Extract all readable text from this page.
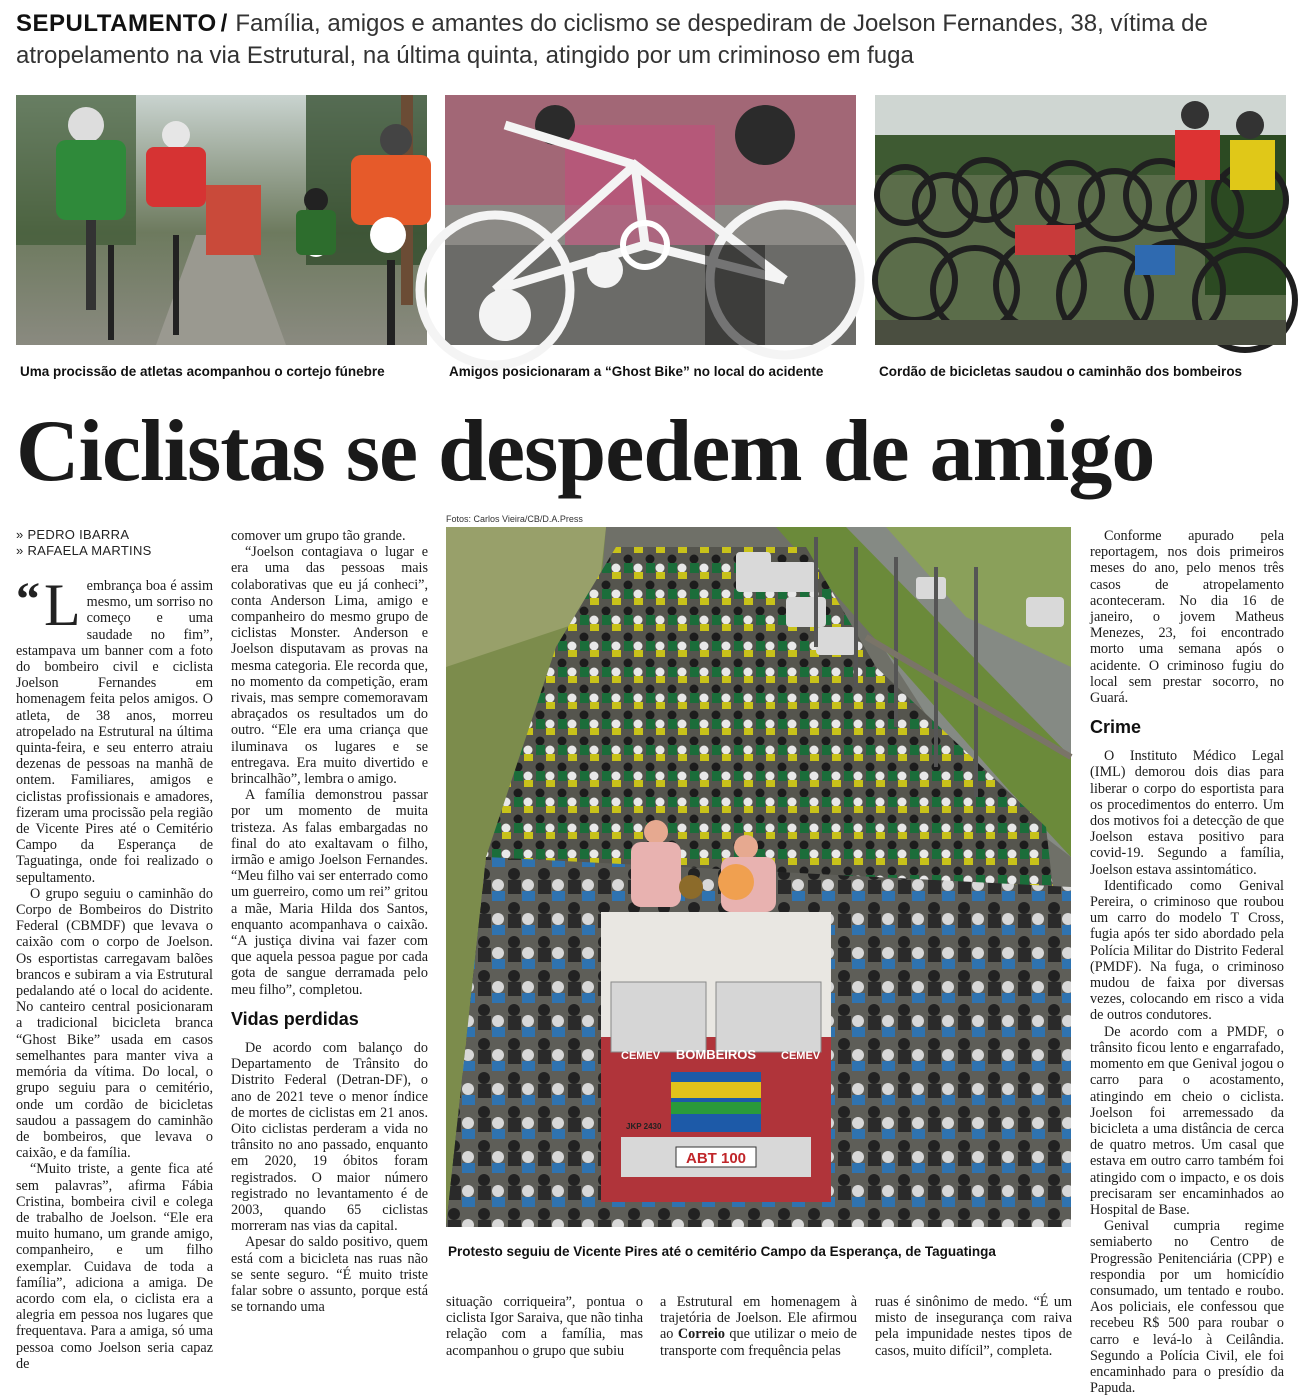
SEPULTAMENTO / Família, amigos e amantes do ciclismo se despediram de Joelson Fernandes, 38, vítima de atropelamento na via Estrutural, na última quinta, atingido por um criminoso em fuga
Uma procissão de atletas acompanhou o cortejo fúnebre	Amigos posicionaram a “Ghost Bike” no local do acidente	Cordão de bicicletas saudou o caminhão dos bombeiros
Ciclistas se despedem de amigo
» PEDRO IBARRA
» RAFAELA MARTINS

“ L embrança boa é assim mesmo, um sorriso no começo e uma saudade no fim”, estampava um banner com a foto do bombeiro civil e ciclista Joelson Fernandes em homenagem feita pelos amigos. O atleta, de 38 anos, morreu atropelado na Estrutural na última quinta-feira, e seu enterro atraiu dezenas de pessoas na manhã de ontem. Familiares, amigos e ciclistas profissionais e amadores, fizeram uma procissão pela região de Vicente Pires até o Cemitério Campo da Esperança de Taguatinga, onde foi realizado o sepultamento.

O grupo seguiu o caminhão do Corpo de Bombeiros do Distrito Federal (CBMDF) que levava o caixão com o corpo de Joelson. Os esportistas carregavam balões brancos e subiram a via Estrutural pedalando até o local do acidente. No canteiro central posicionaram a tradicional bicicleta branca “Ghost Bike” usada em casos semelhantes para manter viva a memória da vítima. Do local, o grupo seguiu para o cemitério, onde um cordão de bicicletas saudou a passagem do caminhão de bombeiros, que levava o caixão, e da família.

“Muito triste, a gente fica até sem palavras”, afirma Fábia Cristina, bombeira civil e colega de trabalho de Joelson. “Ele era muito humano, um grande amigo, companheiro, e um filho exemplar. Cuidava de toda a família”, adiciona a amiga. De acordo com ela, o ciclista era a alegria em pessoa nos lugares que frequentava. Para a amiga, só uma pessoa como Joelson seria capaz de

comover um grupo tão grande.

“Joelson contagiava o lugar e era uma das pessoas mais colaborativas que eu já conheci”, conta Anderson Lima, amigo e companheiro do mesmo grupo de ciclistas Monster. Anderson e Joelson disputavam as provas na mesma categoria. Ele recorda que, no momento da competição, eram rivais, mas sempre comemoravam abraçados os resultados um do outro. “Ele era uma criança que iluminava os lugares e se entregava. Era muito divertido e brincalhão”, lembra o amigo.

A família demonstrou passar por um momento de muita tristeza. As falas embargadas no final do ato exaltavam o filho, irmão e amigo Joelson Fernandes. “Meu filho vai ser enterrado como um guerreiro, como um rei” gritou a mãe, Maria Hilda dos Santos, enquanto acompanhava o caixão. “A justiça divina vai fazer com que aquela pessoa pague por cada gota de sangue derramada pelo meu filho”, completou.

Vidas perdidas

De acordo com balanço do Departamento de Trânsito do Distrito Federal (Detran-DF), o ano de 2021 teve o menor índice de mortes de ciclistas em 21 anos. Oito ciclistas perderam a vida no trânsito no ano passado, enquanto em 2020, 19 óbitos foram registrados. O maior número registrado no levantamento é de 2003, quando 65 ciclistas morreram nas vias da capital.

Apesar do saldo positivo, quem está com a bicicleta nas ruas não se sente seguro. “É muito triste falar sobre o assunto, porque está se tornando uma

Fotos: Carlos Vieira/CB/D.A.Press
ABT 100
BOMBEIROS
CEMEV	CEMEV
JKP 2430
Protesto seguiu de Vicente Pires até o cemitério Campo da Esperança, de Taguatinga

situação corriqueira”, pontua o ciclista Igor Saraiva, que não tinha relação com a família, mas acompanhou o grupo que subiu

a Estrutural em homenagem à trajetória de Joelson. Ele afirmou ao Correio que utilizar o meio de transporte com frequência pelas

ruas é sinônimo de medo. “É um misto de insegurança com raiva pela impunidade nestes tipos de casos, muito difícil”, completa.

Conforme apurado pela reportagem, nos dois primeiros meses do ano, pelo menos três casos de atropelamento aconteceram. No dia 16 de janeiro, o jovem Matheus Menezes, 23, foi encontrado morto uma semana após o acidente. O criminoso fugiu do local sem prestar socorro, no Guará.

Crime

O Instituto Médico Legal (IML) demorou dois dias para liberar o corpo do esportista para os procedimentos do enterro. Um dos motivos foi a detecção de que Joelson estava positivo para covid-19. Segundo a família, Joelson estava assintomático.

Identificado como Genival Pereira, o criminoso que roubou um carro do modelo T Cross, fugia após ter sido abordado pela Polícia Militar do Distrito Federal (PMDF). Na fuga, o criminoso mudou de faixa por diversas vezes, colocando em risco a vida de outros condutores.

De acordo com a PMDF, o trânsito ficou lento e engarrafado, momento em que Genival jogou o carro para o acostamento, atingindo em cheio o ciclista. Joelson foi arremessado da bicicleta a uma distância de cerca de quatro metros. Um casal que estava em outro carro também foi atingido com o impacto, e os dois precisaram ser encaminhados ao Hospital de Base.

Genival cumpria regime semiaberto no Centro de Progressão Penitenciária (CPP) e respondia por um homicídio consumado, um tentado e roubo. Aos policiais, ele confessou que recebeu R$ 500 para roubar o carro e levá-lo à Ceilândia. Segundo a Polícia Civil, ele foi encaminhado para o presídio da Papuda.
